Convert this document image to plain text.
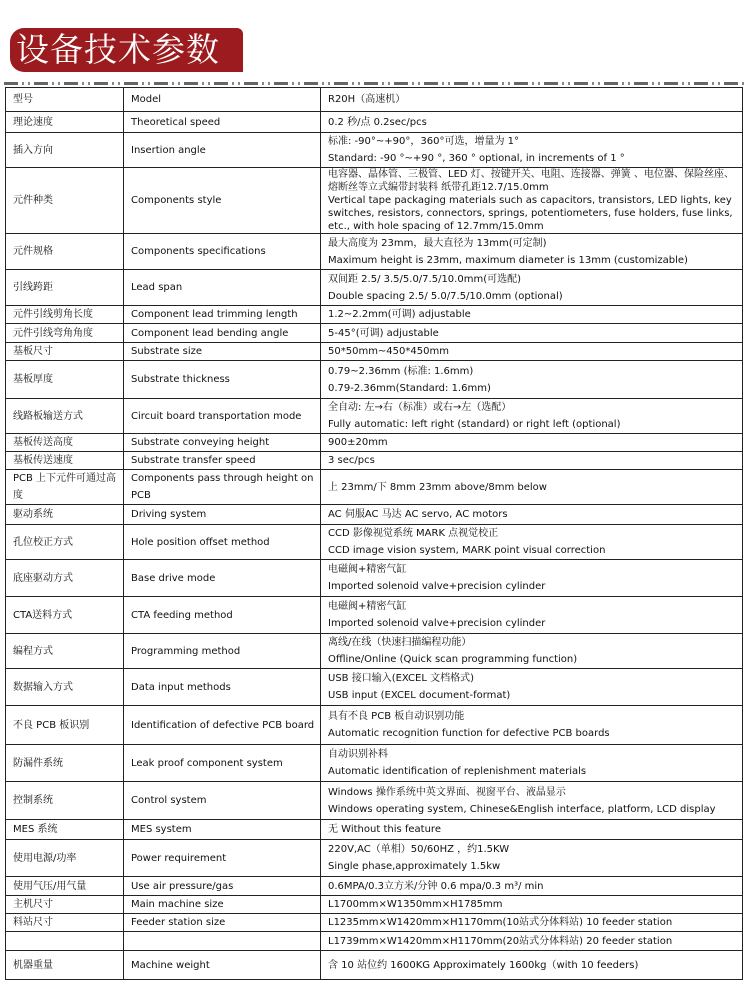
设备技术参数
型号	Model	R20H（高速机）

理论速度	Theoretical speed	0.2 秒/点 0.2sec/pcs

插入方向	Insertion angle	标准: -90°~+90°，360°可选，增量为 1°
Standard: -90 °~+90 °, 360 ° optional, in increments of 1 °

元件种类	Components style	电容器、晶体管、三极管、LED 灯、按键开关、电阻、连接器、弹簧 、电位器、保险丝座、熔断丝等立式编带封装料 纸带孔距12.7/15.0mm
Vertical tape packaging materials such as capacitors, transistors, LED lights, key switches, resistors, connectors, springs, potentiometers, fuse holders, fuse links, etc., with hole spacing of 12.7mm/15.0mm

元件规格	Components specifications	最大高度为 23mm，最大直径为 13mm(可定制)
Maximum height is 23mm, maximum diameter is 13mm (customizable)

引线跨距	Lead span	双间距 2.5/ 3.5/5.0/7.5/10.0mm(可选配)
Double spacing 2.5/ 5.0/7.5/10.0mm (optional)

元件引线剪角长度	Component lead trimming length	1.2~2.2mm(可调) adjustable

元件引线弯角角度	Component lead bending angle	5-45°(可调) adjustable

基板尺寸	Substrate size	50*50mm~450*450mm

基板厚度	Substrate thickness	0.79~2.36mm (标准: 1.6mm)
0.79-2.36mm(Standard: 1.6mm)

线路板输送方式	Circuit board transportation mode	全自动: 左→右（标准）或右→左（选配）
Fully automatic: left right (standard) or right left (optional)

基板传送高度	Substrate conveying height	900±20mm

基板传送速度	Substrate transfer speed	3 sec/pcs

PCB 上下元件可通过高度	Components pass through height on PCB	上 23mm/下 8mm 23mm above/8mm below

驱动系统	Driving system	AC 伺服AC 马达 AC servo, AC motors

孔位校正方式	Hole position offset method	CCD 影像视觉系统 MARK 点视觉校正
CCD image vision system, MARK point visual correction

底座驱动方式	Base drive mode	电磁阀+精密气缸
Imported solenoid valve+precision cylinder

CTA送料方式	CTA feeding method	电磁阀+精密气缸
Imported solenoid valve+precision cylinder

编程方式	Programming method	离线/在线（快速扫描编程功能）
Offline/Online (Quick scan programming function)

数据输入方式	Data input methods	USB 接口输入(EXCEL 文档格式)
USB input (EXCEL document-format)

不良 PCB 板识别	Identification of defective PCB board	具有不良 PCB 板自动识别功能
Automatic recognition function for defective PCB boards

防漏件系统	Leak proof component system	自动识别补料
Automatic identification of replenishment materials

控制系统	Control system	Windows 操作系统中英文界面、视窗平台、液晶显示
Windows operating system, Chinese&English interface, platform, LCD display

MES 系统	MES system	无 Without this feature

使用电源/功率	Power requirement	220V,AC（单相）50/60HZ ，约1.5KW
Single phase,approximately 1.5kw

使用气压/用气量	Use air pressure/gas	0.6MPA/0.3立方米/分钟 0.6 mpa/0.3 m³/ min

主机尺寸	Main machine size	L1700mm×W1350mm×H1785mm

料站尺寸	Feeder station size	L1235mm×W1420mm×H1170mm(10站式分体料站) 10 feeder station

		L1739mm×W1420mm×H1170mm(20站式分体料站) 20 feeder station

机器重量	Machine weight	含 10 站位约 1600KG Approximately 1600kg（with 10 feeders)
